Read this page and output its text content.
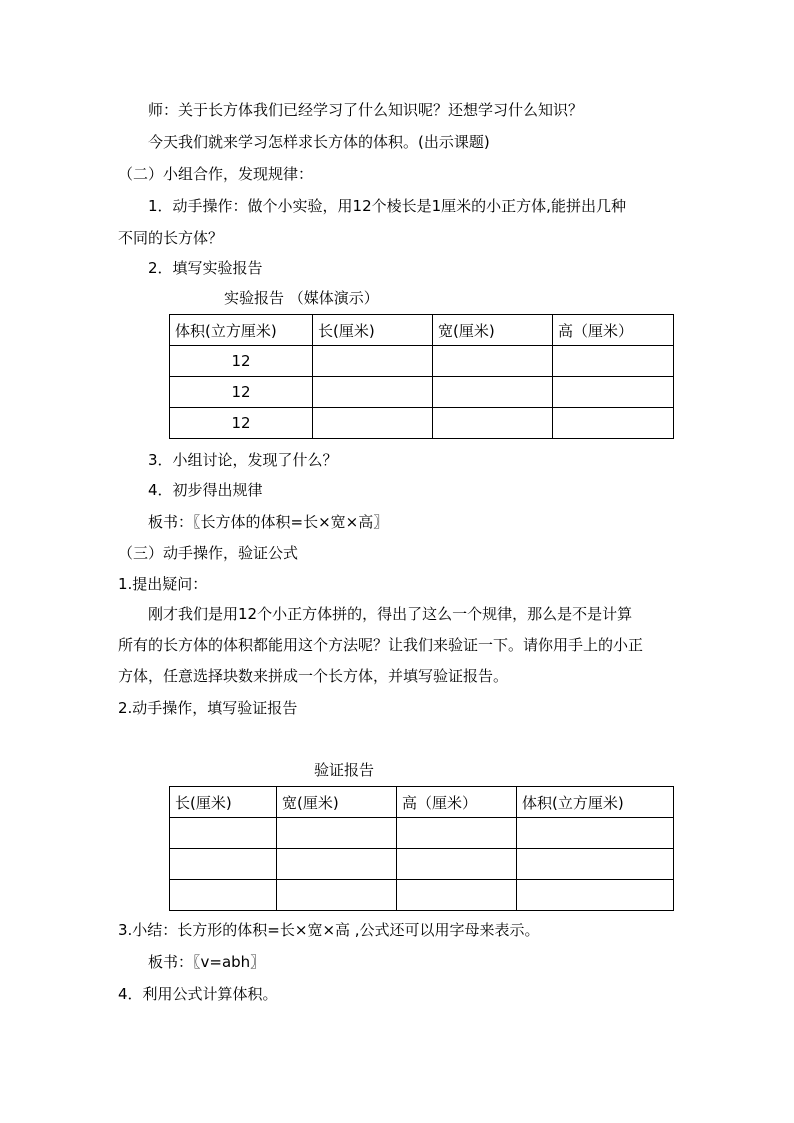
师：关于长方体我们已经学习了什么知识呢？还想学习什么知识？
今天我们就来学习怎样求长方体的体积。(出示课题)
（二）小组合作，发现规律：
1．动手操作：做个小实验，用12个棱长是1厘米的小正方体,能拼出几种
不同的长方体？
2．填写实验报告
实验报告 （媒体演示）
体积(立方厘米)	长(厘米)	宽(厘米)	高（厘米）
12			
12			
12			
3．小组讨论，发现了什么？
4．初步得出规律
板书：〖长方体的体积=长×宽×高〗
（三）动手操作，验证公式
1.提出疑问：
刚才我们是用12个小正方体拼的，得出了这么一个规律，那么是不是计算
所有的长方体的体积都能用这个方法呢？让我们来验证一下。请你用手上的小正
方体，任意选择块数来拼成一个长方体，并填写验证报告。
2.动手操作，填写验证报告
验证报告
长(厘米)	宽(厘米)	高（厘米）	体积(立方厘米)

3.小结：长方形的体积=长×宽×高 ,公式还可以用字母来表示。
板书：〖v=abh〗
4．利用公式计算体积。
